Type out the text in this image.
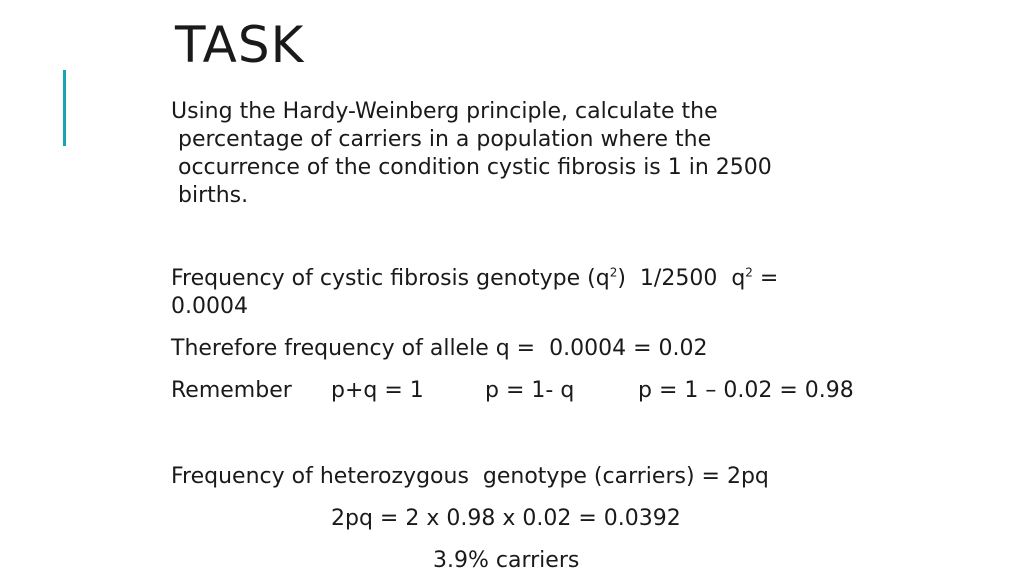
TASK
Using the Hardy-Weinberg principle, calculate the
percentage of carriers in a population where the
occurrence of the condition cystic fibrosis is 1 in 2500
births.
Frequency of cystic fibrosis genotype $(q^2)$  1/2500  $q^2$ =
0.0004
Therefore frequency of allele q =  0.0004 = 0.02
Remember p+q = 1	p = 1- q	p = 1 – 0.02 = 0.98
Frequency of heterozygous  genotype (carriers) = 2pq
2pq = 2 x 0.98 x 0.02 = 0.0392
3.9% carriers
